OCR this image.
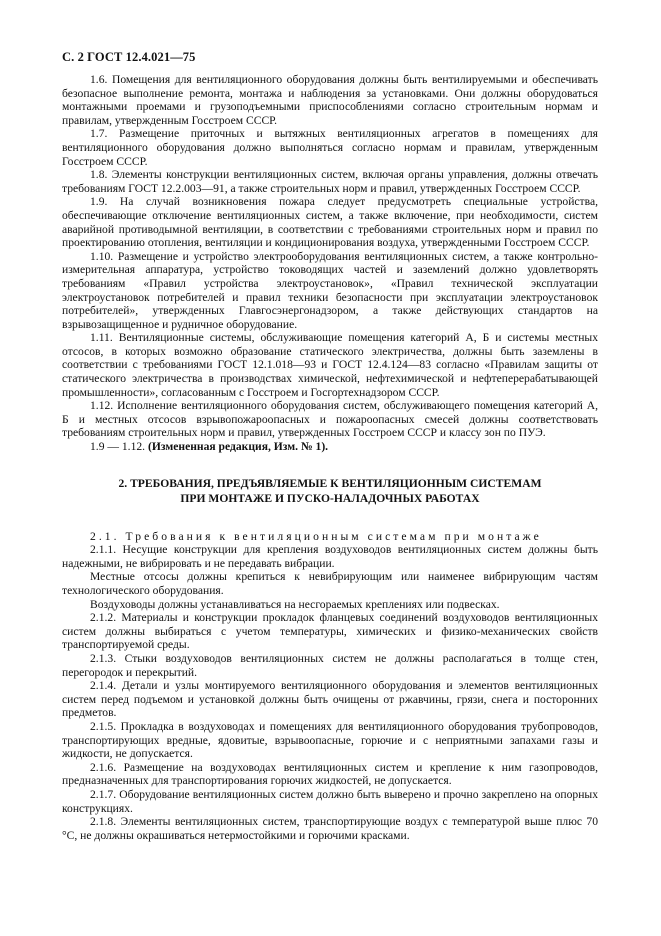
С. 2 ГОСТ 12.4.021—75

1.6. Помещения для вентиляционного оборудования должны быть вентилируемыми и обеспечивать безопасное выполнение ремонта, монтажа и наблюдения за установками. Они должны оборудоваться монтажными проемами и грузоподъемными приспособлениями согласно строительным нормам и правилам, утвержденным Госстроем СССР.

1.7. Размещение приточных и вытяжных вентиляционных агрегатов в помещениях для вентиляционного оборудования должно выполняться согласно нормам и правилам, утвержденным Госстроем СССР.

1.8. Элементы конструкции вентиляционных систем, включая органы управления, должны отвечать требованиям ГОСТ 12.2.003—91, а также строительных норм и правил, утвержденных Госстроем СССР.

1.9. На случай возникновения пожара следует предусмотреть специальные устройства, обеспечивающие отключение вентиляционных систем, а также включение, при необходимости, систем аварийной противодымной вентиляции, в соответствии с требованиями строительных норм и правил по проектированию отопления, вентиляции и кондиционирования воздуха, утвержденными Госстроем СССР.

1.10. Размещение и устройство электрооборудования вентиляционных систем, а также контрольно-измерительная аппаратура, устройство тоководящих частей и заземлений должно удовлетворять требованиям «Правил устройства электроустановок», «Правил технической эксплуатации электроустановок потребителей и правил техники безопасности при эксплуатации электроустановок потребителей», утвержденных Главгосэнергонадзором, а также действующих стандартов на взрывозащищенное и рудничное оборудование.

1.11. Вентиляционные системы, обслуживающие помещения категорий А, Б и системы местных отсосов, в которых возможно образование статического электричества, должны быть заземлены в соответствии с требованиями ГОСТ 12.1.018—93 и ГОСТ 12.4.124—83 согласно «Правилам защиты от статического электричества в производствах химической, нефтехимической и нефтеперерабатывающей промышленности», согласованным с Госстроем и Госгортехнадзором СССР.

1.12. Исполнение вентиляционного оборудования систем, обслуживающего помещения категорий А, Б и местных отсосов взрывопожароопасных и пожароопасных смесей должны соответствовать требованиям строительных норм и правил, утвержденных Госстроем СССР и классу зон по ПУЭ.

1.9 — 1.12. (Измененная редакция, Изм. № 1).

2. ТРЕБОВАНИЯ, ПРЕДЪЯВЛЯЕМЫЕ К ВЕНТИЛЯЦИОННЫМ СИСТЕМАМ
ПРИ МОНТАЖЕ И ПУСКО-НАЛАДОЧНЫХ РАБОТАХ

2.1. Требования к вентиляционным системам при монтаже

2.1.1. Несущие конструкции для крепления воздуховодов вентиляционных систем должны быть надежными, не вибрировать и не передавать вибрации.

Местные отсосы должны крепиться к невибрирующим или наименее вибрирующим частям технологического оборудования.

Воздуховоды должны устанавливаться на несгораемых креплениях или подвесках.

2.1.2. Материалы и конструкции прокладок фланцевых соединений воздуховодов вентиляционных систем должны выбираться с учетом температуры, химических и физико-механических свойств транспортируемой среды.

2.1.3. Стыки воздуховодов вентиляционных систем не должны располагаться в толще стен, перегородок и перекрытий.

2.1.4. Детали и узлы монтируемого вентиляционного оборудования и элементов вентиляционных систем перед подъемом и установкой должны быть очищены от ржавчины, грязи, снега и посторонних предметов.

2.1.5. Прокладка в воздуховодах и помещениях для вентиляционного оборудования трубопроводов, транспортирующих вредные, ядовитые, взрывоопасные, горючие и с неприятными запахами газы и жидкости, не допускается.

2.1.6. Размещение на воздуховодах вентиляционных систем и крепление к ним газопроводов, предназначенных для транспортирования горючих жидкостей, не допускается.

2.1.7. Оборудование вентиляционных систем должно быть выверено и прочно закреплено на опорных конструкциях.

2.1.8. Элементы вентиляционных систем, транспортирующие воздух с температурой выше плюс 70 °С, не должны окрашиваться нетермостойкими и горючими красками.
